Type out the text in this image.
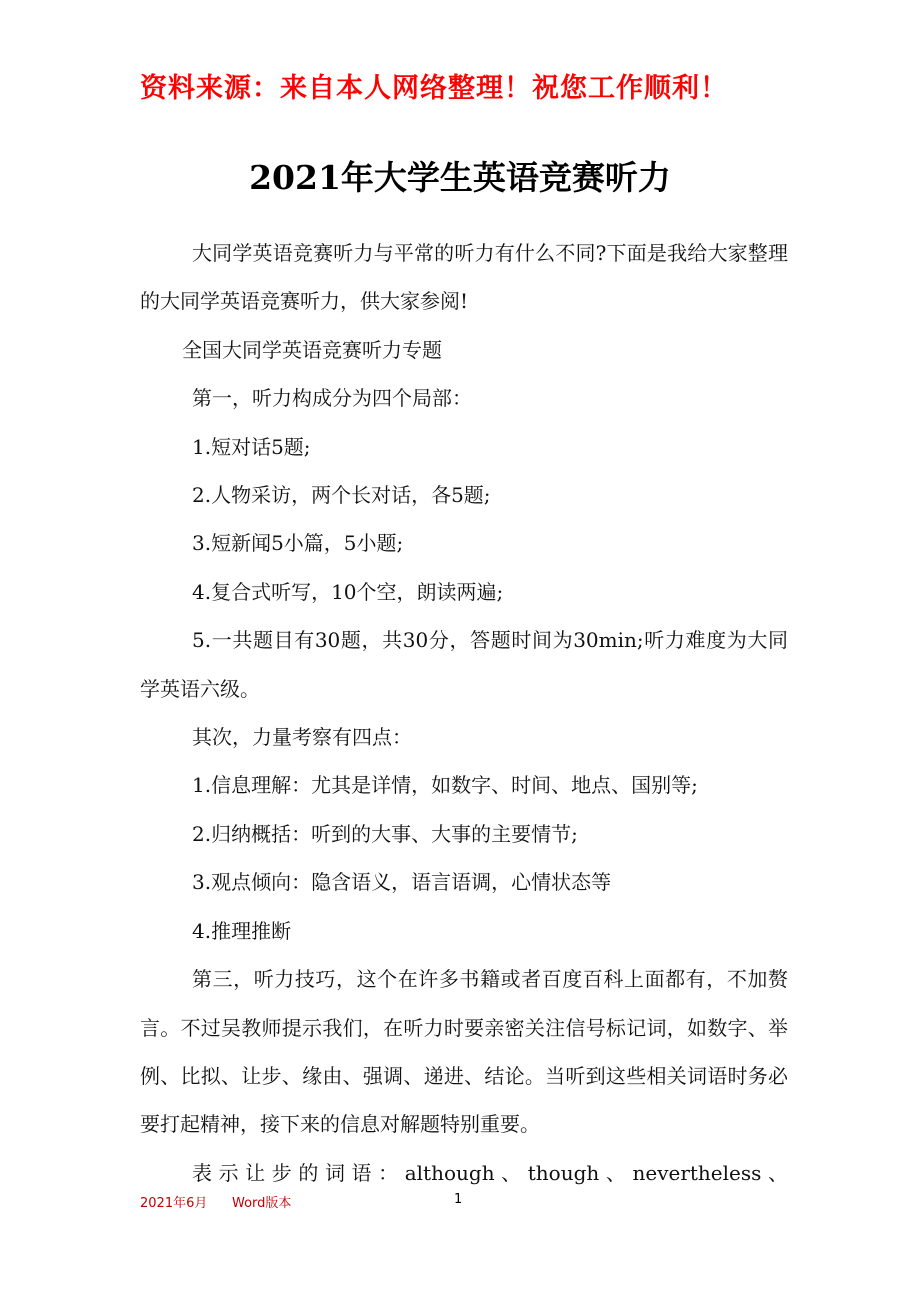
资料来源：来自本人网络整理！祝您工作顺利！
2021年大学生英语竞赛听力

大同学英语竞赛听力与平常的听力有什么不同?下面是我给大家整理的大同学英语竞赛听力，供大家参阅!

全国大同学英语竞赛听力专题

第一，听力构成分为四个局部：

1.短对话5题;

2.人物采访，两个长对话，各5题;

3.短新闻5小篇，5小题;

4.复合式听写，10个空，朗读两遍;

5.一共题目有30题，共30分，答题时间为30min;听力难度为大同学英语六级。

其次，力量考察有四点：

1.信息理解：尤其是详情，如数字、时间、地点、国别等;

2.归纳概括：听到的大事、大事的主要情节;

3.观点倾向：隐含语义，语言语调，心情状态等

4.推理推断

第三，听力技巧，这个在许多书籍或者百度百科上面都有，不加赘言。不过吴教师提示我们，在听力时要亲密关注信号标记词，如数字、举例、比拟、让步、缘由、强调、递进、结论。当听到这些相关词语时务必要打起精神，接下来的信息对解题特别重要。

表示让步的词语：although、though、nevertheless、

2021年6月 Word版本	1
